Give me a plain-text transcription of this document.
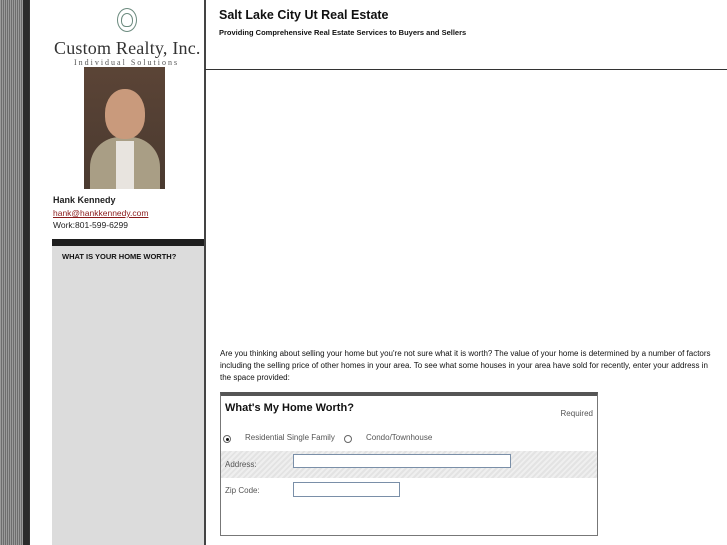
Custom Realty, Inc.
Individual Solutions
Hank Kennedy
hank@hankkennedy.com
Work:801-599-6299
WHAT IS YOUR HOME WORTH?
Salt Lake City Ut Real Estate
Providing Comprehensive Real Estate Services to Buyers and Sellers
Are you thinking about selling your home but you're not sure what it is worth? The value of your home is determined by a number of factors
including the selling price of other homes in your area. To see what some houses in your area have sold for recently, enter your address in
the space provided:
What's My Home Worth?	Required
Residential Single Family	Condo/Townhouse
Address:
Zip Code:
